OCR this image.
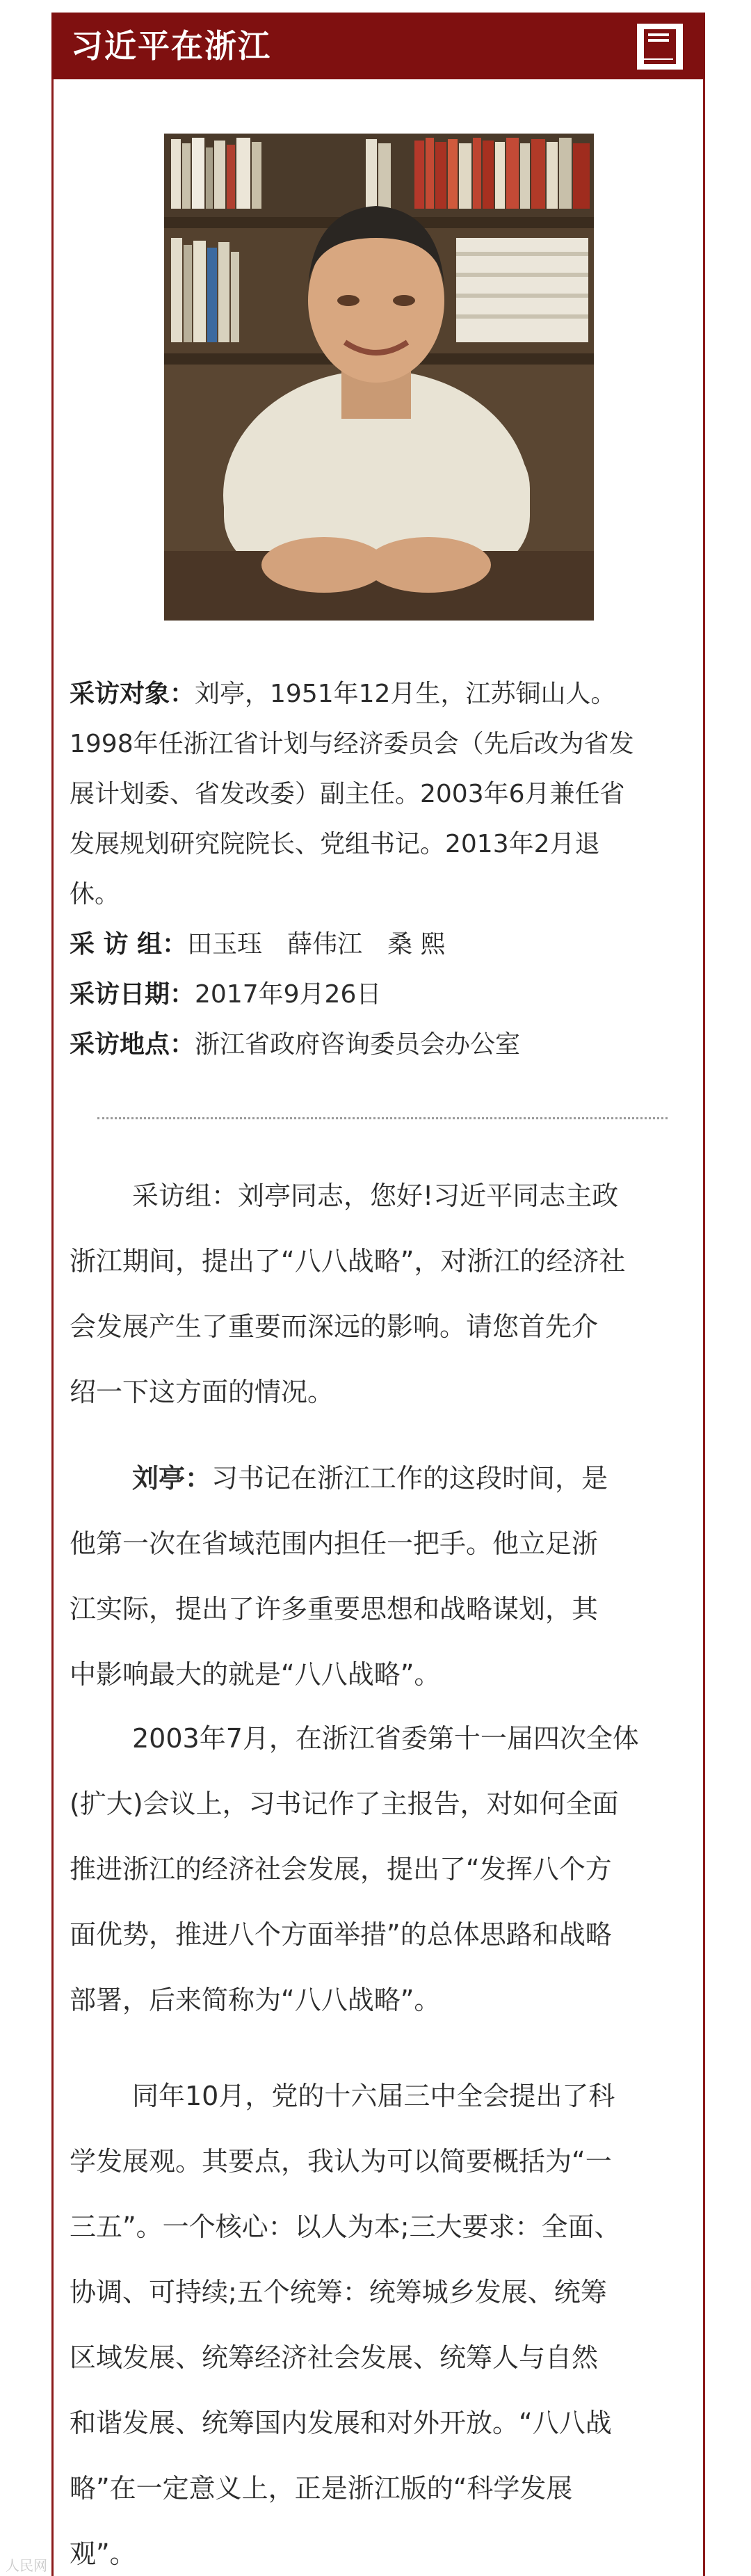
习近平在浙江
采访对象：刘亭，1951年12月生，江苏铜山人。
1998年任浙江省计划与经济委员会（先后改为省发
展计划委、省发改委）副主任。2003年6月兼任省
发展规划研究院院长、党组书记。2013年2月退
休。
采 访 组：田玉珏　薛伟江　桑 熙
采访日期：2017年9月26日
采访地点：浙江省政府咨询委员会办公室
采访组：刘亭同志，您好!习近平同志主政
浙江期间，提出了“八八战略”，对浙江的经济社
会发展产生了重要而深远的影响。请您首先介
绍一下这方面的情况。
刘亭：习书记在浙江工作的这段时间，是
他第一次在省域范围内担任一把手。他立足浙
江实际，提出了许多重要思想和战略谋划，其
中影响最大的就是“八八战略”。
2003年7月，在浙江省委第十一届四次全体
(扩大)会议上，习书记作了主报告，对如何全面
推进浙江的经济社会发展，提出了“发挥八个方
面优势，推进八个方面举措”的总体思路和战略
部署，后来简称为“八八战略”。
同年10月，党的十六届三中全会提出了科
学发展观。其要点，我认为可以简要概括为“一
三五”。一个核心：以人为本;三大要求：全面、
协调、可持续;五个统筹：统筹城乡发展、统筹
区域发展、统筹经济社会发展、统筹人与自然
和谐发展、统筹国内发展和对外开放。“八八战
略”在一定意义上，正是浙江版的“科学发展
观”。
人民网
